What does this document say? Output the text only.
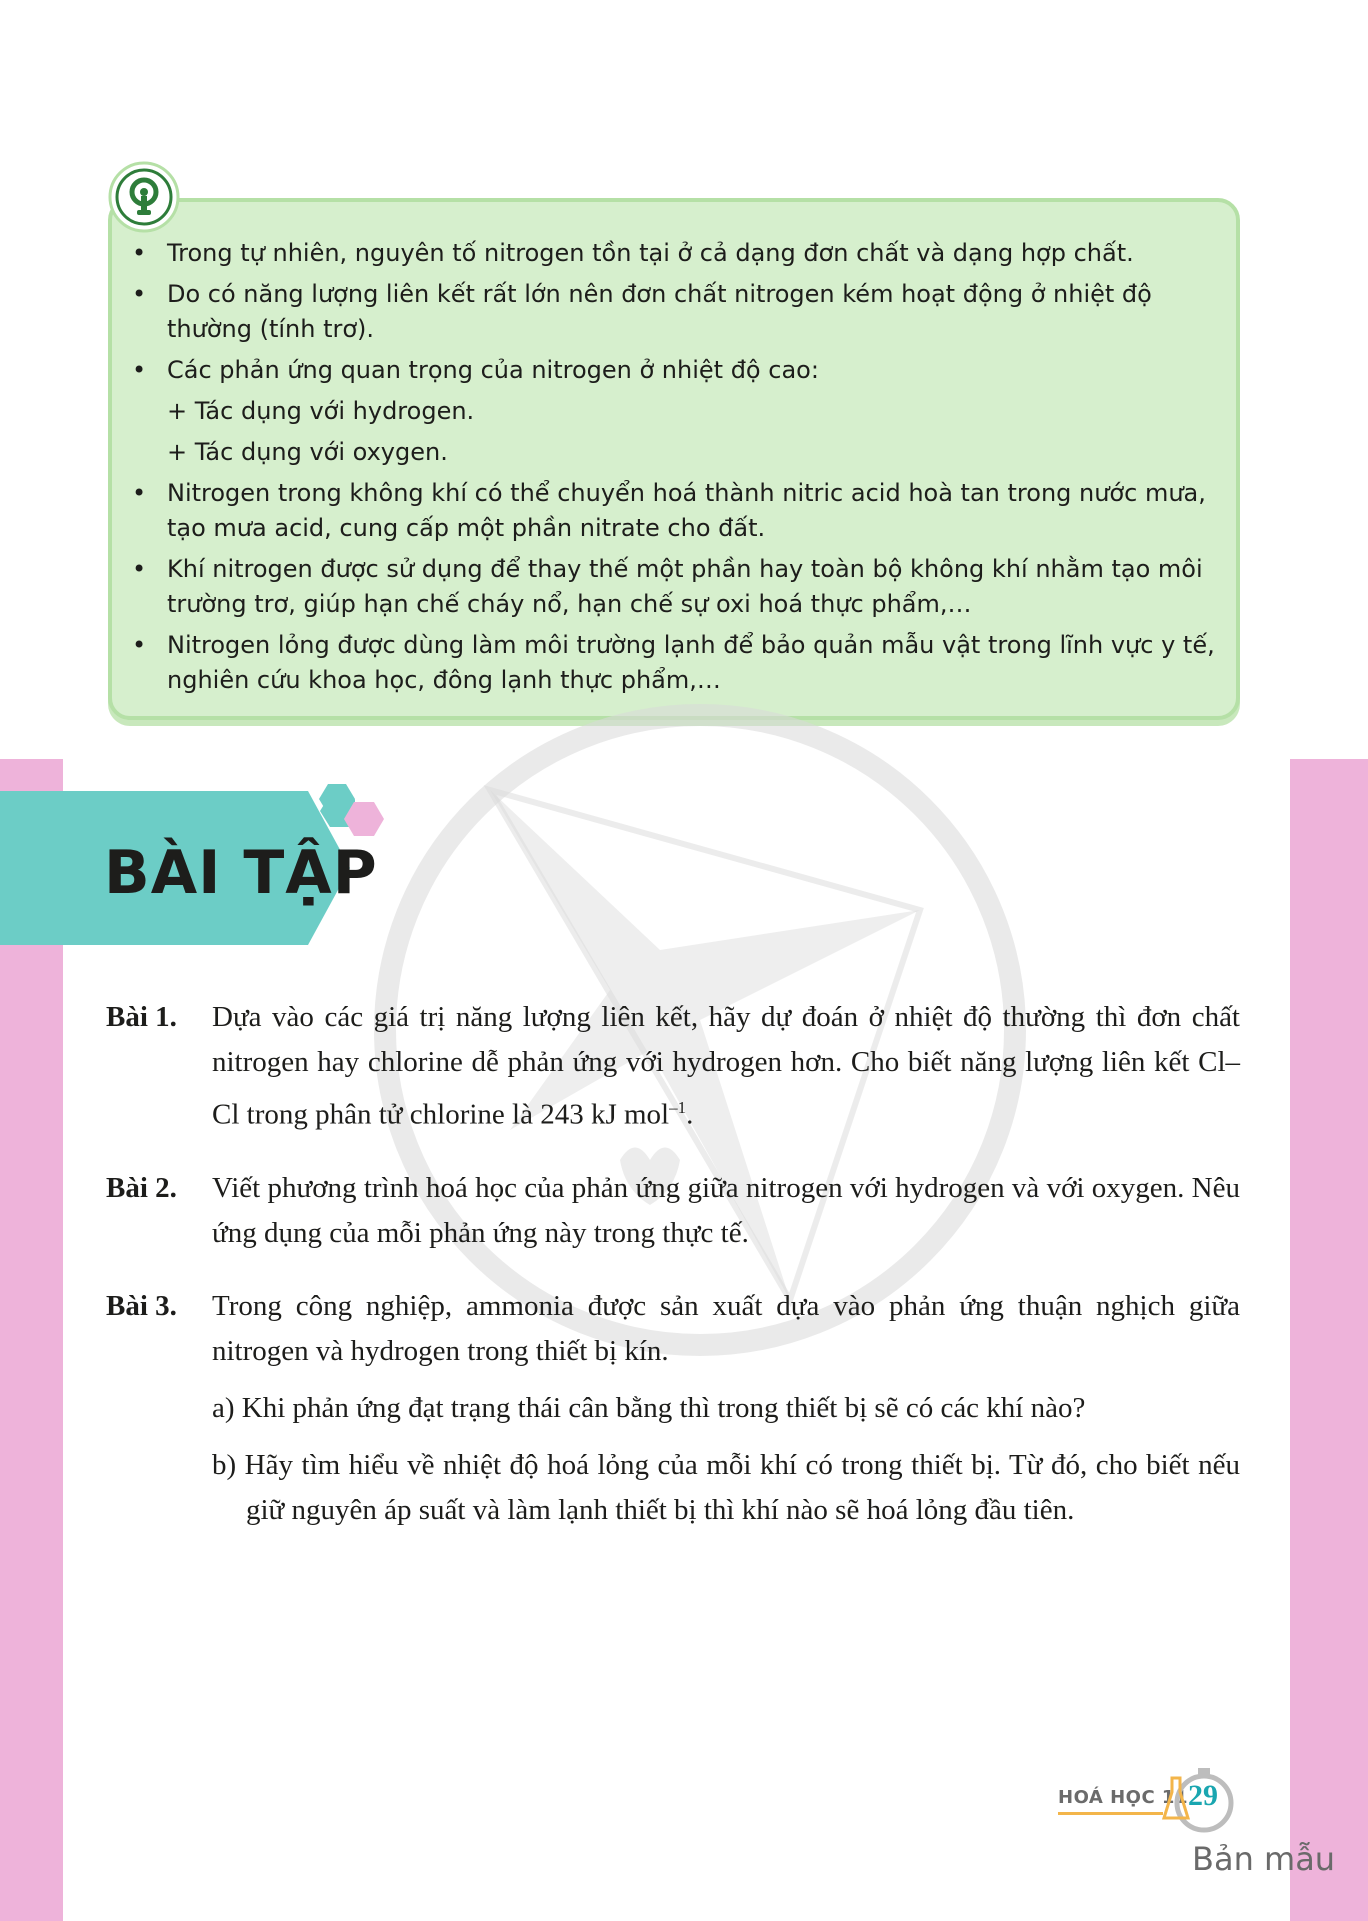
• Trong tự nhiên, nguyên tố nitrogen tồn tại ở cả dạng đơn chất và dạng hợp chất.
• Do có năng lượng liên kết rất lớn nên đơn chất nitrogen kém hoạt động ở nhiệt độ thường (tính trơ).
• Các phản ứng quan trọng của nitrogen ở nhiệt độ cao:
+ Tác dụng với hydrogen.
+ Tác dụng với oxygen.
• Nitrogen trong không khí có thể chuyển hoá thành nitric acid hoà tan trong nước mưa, tạo mưa acid, cung cấp một phần nitrate cho đất.
• Khí nitrogen được sử dụng để thay thế một phần hay toàn bộ không khí nhằm tạo môi trường trơ, giúp hạn chế cháy nổ, hạn chế sự oxi hoá thực phẩm,…
• Nitrogen lỏng được dùng làm môi trường lạnh để bảo quản mẫu vật trong lĩnh vực y tế, nghiên cứu khoa học, đông lạnh thực phẩm,…
BÀI TẬP
Bài 1.	Dựa vào các giá trị năng lượng liên kết, hãy dự đoán ở nhiệt độ thường thì đơn chất nitrogen hay chlorine dễ phản ứng với hydrogen hơn. Cho biết năng lượng liên kết Cl–Cl trong phân tử chlorine là 243 kJ mol$^{-1}$.
Bài 2.	Viết phương trình hoá học của phản ứng giữa nitrogen với hydrogen và với oxygen. Nêu ứng dụng của mỗi phản ứng này trong thực tế.
Bài 3.	Trong công nghiệp, ammonia được sản xuất dựa vào phản ứng thuận nghịch giữa nitrogen và hydrogen trong thiết bị kín.
a) Khi phản ứng đạt trạng thái cân bằng thì trong thiết bị sẽ có các khí nào?
b) Hãy tìm hiểu về nhiệt độ hoá lỏng của mỗi khí có trong thiết bị. Từ đó, cho biết nếu giữ nguyên áp suất và làm lạnh thiết bị thì khí nào sẽ hoá lỏng đầu tiên.
HOÁ HỌC 11 29
Bản mẫu
